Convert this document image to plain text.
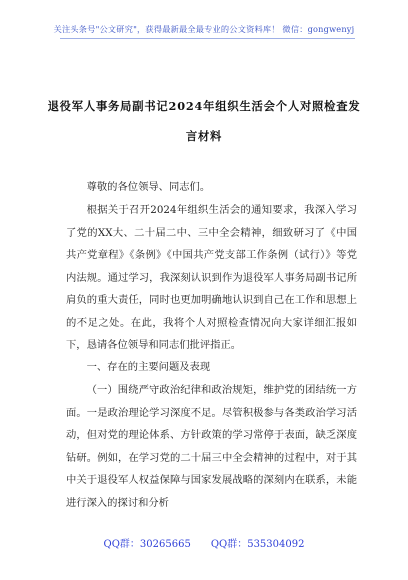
关注头条号"公文研究"，获得最新最全最专业的公文资料库！ 微信：gongwenyj
退役军人事务局副书记2024年组织生活会个人对照检查发
言材料
尊敬的各位领导、同志们。
根据关于召开2024年组织生活会的通知要求，我深入学习了党的XX大、二十届二中、三中全会精神，细致研习了《中国共产党章程》《条例》《中国共产党支部工作条例（试行）》等党内法规。通过学习，我深刻认识到作为退役军人事务局副书记所肩负的重大责任，同时也更加明确地认识到自己在工作和思想上的不足之处。在此，我将个人对照检查情况向大家详细汇报如下，恳请各位领导和同志们批评指正。
一、存在的主要问题及表现
（一）围绕严守政治纪律和政治规矩，维护党的团结统一方面。一是政治理论学习深度不足。尽管积极参与各类政治学习活动，但对党的理论体系、方针政策的学习常停于表面，缺乏深度钻研。例如，在学习党的二十届三中全会精神的过程中，对于其中关于退役军人权益保障与国家发展战略的深刻内在联系，未能进行深入的探讨和分析
QQ群：30265665 QQ群：535304092
